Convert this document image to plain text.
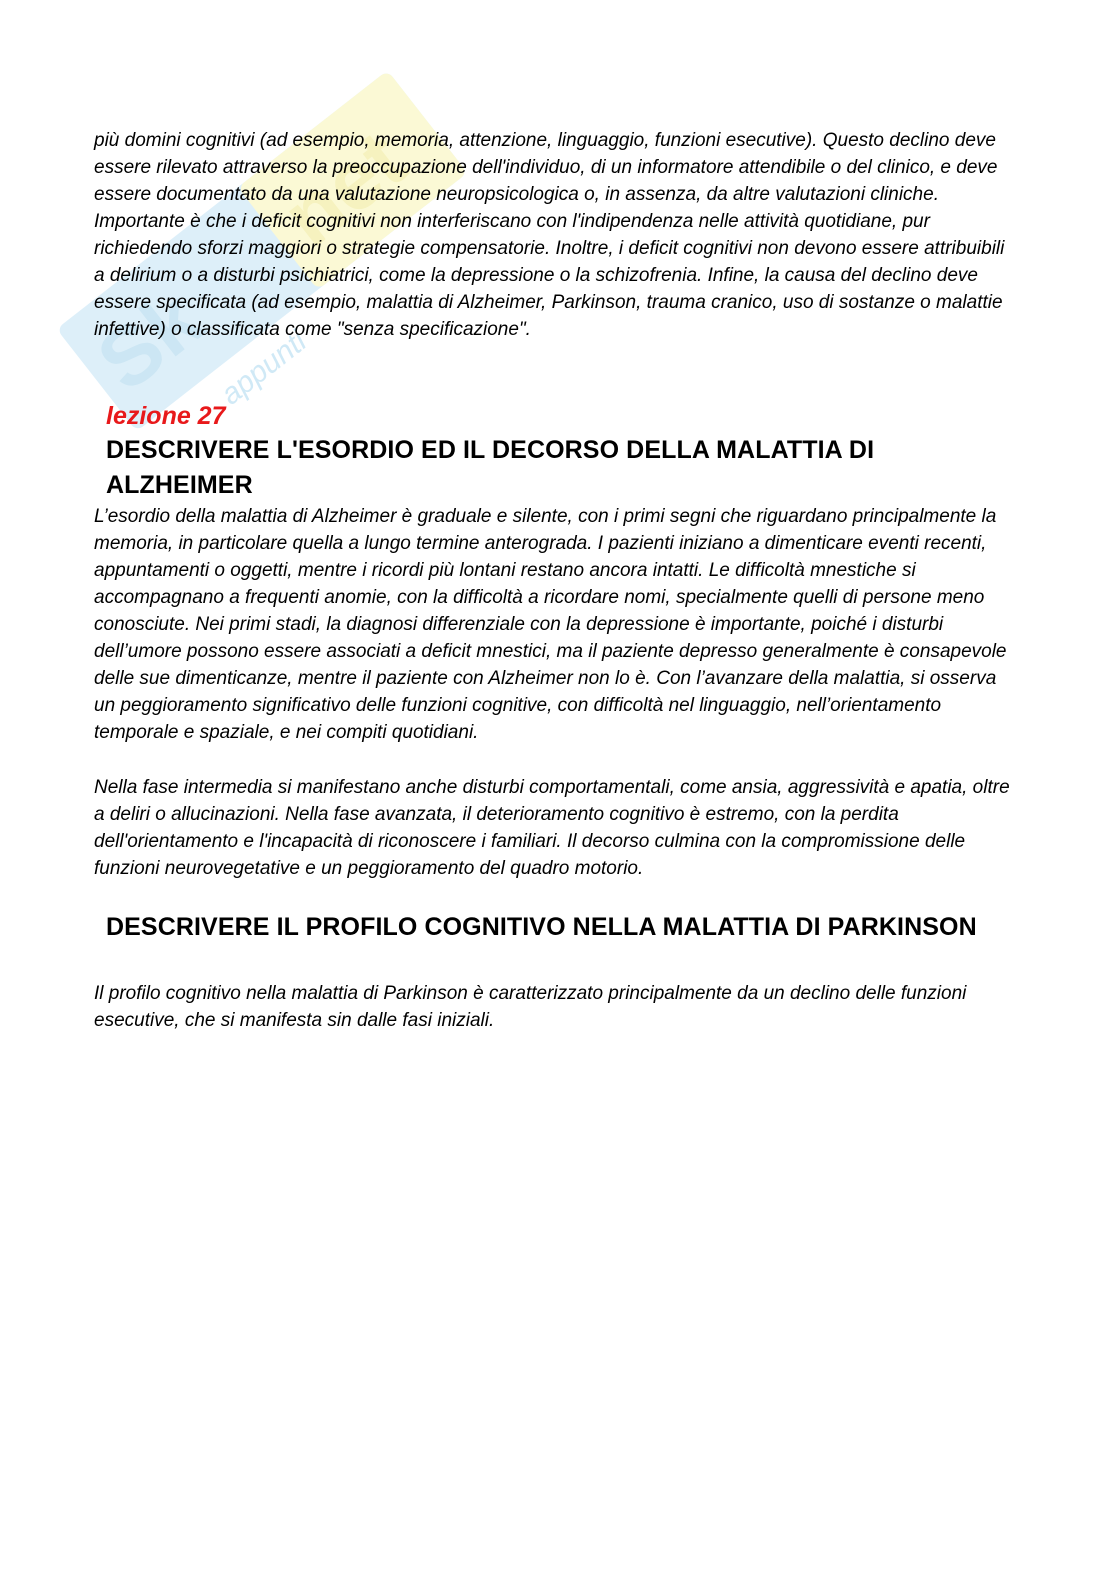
Sk
net
appunti

più domini cognitivi (ad esempio, memoria, attenzione, linguaggio, funzioni esecutive). Questo declino deve essere rilevato attraverso la preoccupazione dell'individuo, di un informatore attendibile o del clinico, e deve essere documentato da una valutazione neuropsicologica o, in assenza, da altre valutazioni cliniche. Importante è che i deficit cognitivi non interferiscano con l'indipendenza nelle attività quotidiane, pur richiedendo sforzi maggiori o strategie compensatorie. Inoltre, i deficit cognitivi non devono essere attribuibili a delirium o a disturbi psichiatrici, come la depressione o la schizofrenia. Infine, la causa del declino deve essere specificata (ad esempio, malattia di Alzheimer, Parkinson, trauma cranico, uso di sostanze o malattie infettive) o classificata come "senza specificazione".

lezione 27
DESCRIVERE L'ESORDIO ED IL DECORSO DELLA MALATTIA DI ALZHEIMER

L’esordio della malattia di Alzheimer è graduale e silente, con i primi segni che riguardano principalmente la memoria, in particolare quella a lungo termine anterograda. I pazienti iniziano a dimenticare eventi recenti, appuntamenti o oggetti, mentre i ricordi più lontani restano ancora intatti. Le difficoltà mnestiche si accompagnano a frequenti anomie, con la difficoltà a ricordare nomi, specialmente quelli di persone meno conosciute. Nei primi stadi, la diagnosi differenziale con la depressione è importante, poiché i disturbi dell’umore possono essere associati a deficit mnestici, ma il paziente depresso generalmente è consapevole delle sue dimenticanze, mentre il paziente con Alzheimer non lo è. Con l’avanzare della malattia, si osserva un peggioramento significativo delle funzioni cognitive, con difficoltà nel linguaggio, nell’orientamento temporale e spaziale, e nei compiti quotidiani.

Nella fase intermedia si manifestano anche disturbi comportamentali, come ansia, aggressività e apatia, oltre a deliri o allucinazioni. Nella fase avanzata, il deterioramento cognitivo è estremo, con la perdita dell'orientamento e l'incapacità di riconoscere i familiari. Il decorso culmina con la compromissione delle funzioni neurovegetative e un peggioramento del quadro motorio.

DESCRIVERE IL PROFILO COGNITIVO NELLA MALATTIA DI PARKINSON

Il profilo cognitivo nella malattia di Parkinson è caratterizzato principalmente da un declino delle funzioni esecutive, che si manifesta sin dalle fasi iniziali.
